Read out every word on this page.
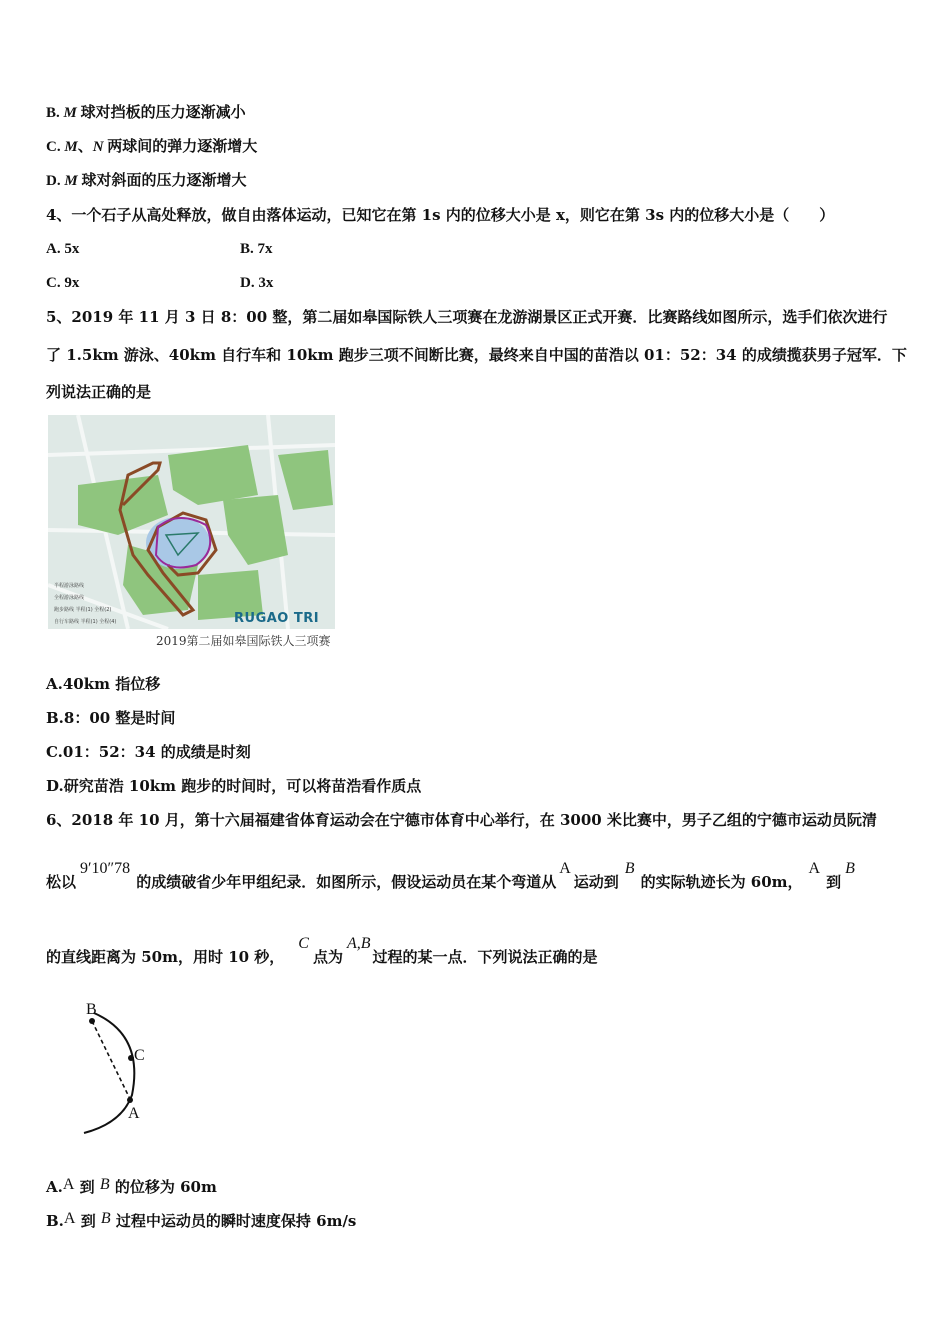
B. M 球对挡板的压力逐渐减小
C. M、N 两球间的弹力逐渐增大
D. M 球对斜面的压力逐渐增大
4、一个石子从高处释放，做自由落体运动，已知它在第 1s 内的位移大小是 x，则它在第 3s 内的位移大小是（　　）
A. 5x	B. 7x
C. 9x	D. 3x
5、2019 年 11 月 3 日 8：00 整，第二届如皋国际铁人三项赛在龙游湖景区正式开赛．比赛路线如图所示，选手们依次进行
了 1.5km 游泳、40km 自行车和 10km 跑步三项不间断比赛，最终来自中国的苗浩以 01：52：34 的成绩揽获男子冠军．下
列说法正确的是
半程游泳路线
全程游泳路线
跑步路线 半程(1) 全程(2)
自行车路线 半程(1) 全程(4)	RUGAO TRI
2019第二届如皋国际铁人三项赛
A.40km 指位移
B.8：00 整是时间
C.01：52：34 的成绩是时刻
D.研究苗浩 10km 跑步的时间时，可以将苗浩看作质点
6、2018 年 10 月，第十六届福建省体育运动会在宁德市体育中心举行，在 3000 米比赛中，男子乙组的宁德市运动员阮清
松以9′10″78的成绩破省少年甲组纪录．如图所示，假设运动员在某个弯道从A运动到B的实际轨迹长为 60m，A到B
的直线距离为 50m，用时 10 秒，C点为A,B过程的某一点．下列说法正确的是
B
C
A
A.A 到 B 的位移为 60m
B.A 到 B 过程中运动员的瞬时速度保持 6m/s
